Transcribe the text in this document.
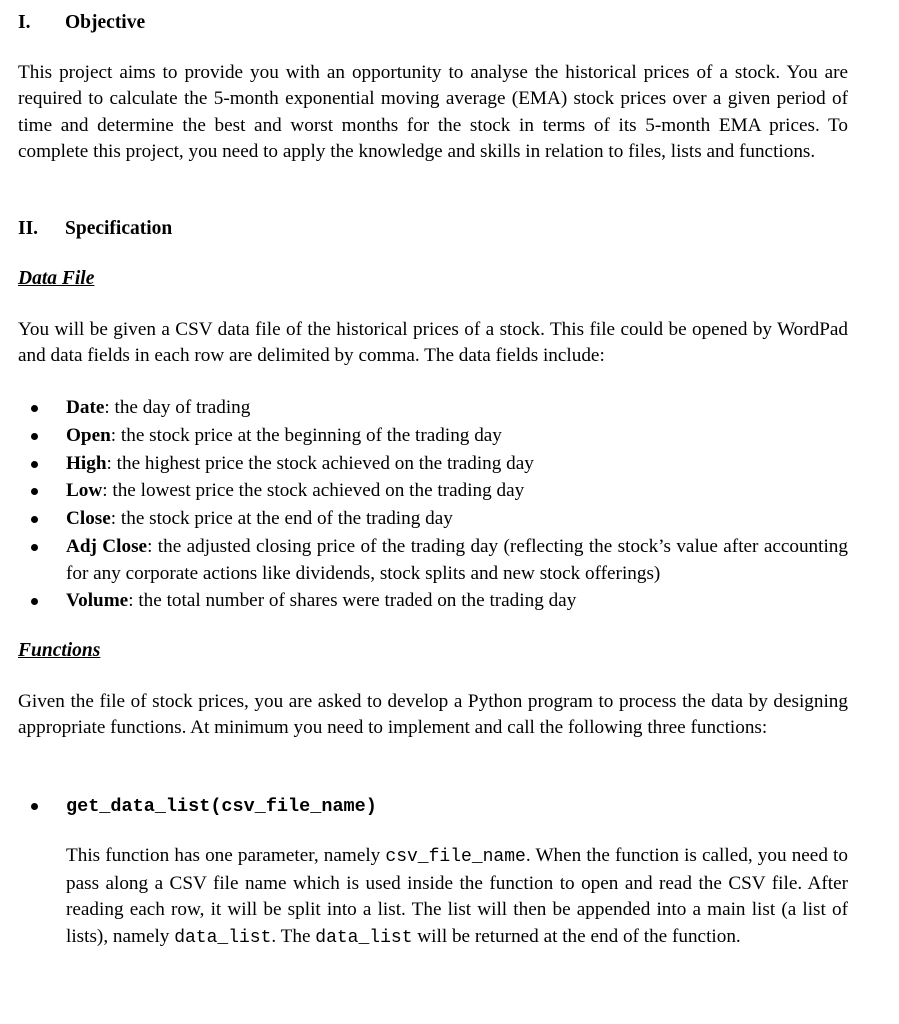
I. Objective
This project aims to provide you with an opportunity to analyse the historical prices of a stock. You are required to calculate the 5-month exponential moving average (EMA) stock prices over a given period of time and determine the best and worst months for the stock in terms of its 5-month EMA prices. To complete this project, you need to apply the knowledge and skills in relation to files, lists and functions.
II. Specification
Data File
You will be given a CSV data file of the historical prices of a stock. This file could be opened by WordPad and data fields in each row are delimited by comma. The data fields include:
Date: the day of trading
Open: the stock price at the beginning of the trading day
High: the highest price the stock achieved on the trading day
Low: the lowest price the stock achieved on the trading day
Close: the stock price at the end of the trading day
Adj Close: the adjusted closing price of the trading day (reflecting the stock’s value after accounting for any corporate actions like dividends, stock splits and new stock offerings)
Volume: the total number of shares were traded on the trading day
Functions
Given the file of stock prices, you are asked to develop a Python program to process the data by designing appropriate functions. At minimum you need to implement and call the following three functions:
get_data_list(csv_file_name)
This function has one parameter, namely csv_file_name. When the function is called, you need to pass along a CSV file name which is used inside the function to open and read the CSV file. After reading each row, it will be split into a list. The list will then be appended into a main list (a list of lists), namely data_list. The data_list will be returned at the end of the function.
